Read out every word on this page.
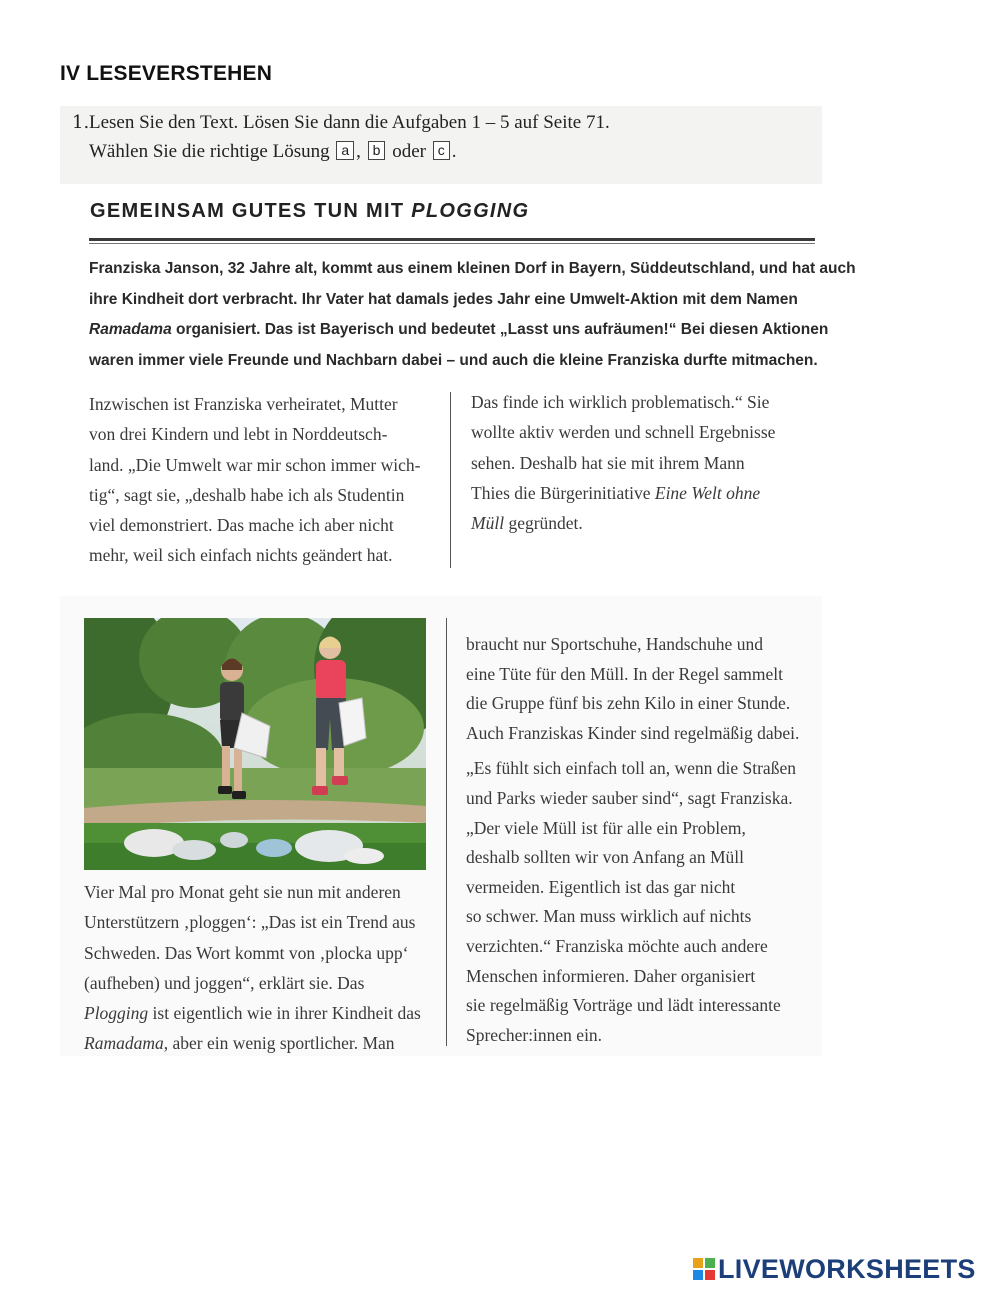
IV LESEVERSTEHEN
1. Lesen Sie den Text. Lösen Sie dann die Aufgaben 1 – 5 auf Seite 71.
Wählen Sie die richtige Lösung a , b oder c .
GEMEINSAM GUTES TUN MIT PLOGGING
Franziska Janson, 32 Jahre alt, kommt aus einem kleinen Dorf in Bayern, Süddeutschland, und hat auch
ihre Kindheit dort verbracht. Ihr Vater hat damals jedes Jahr eine Umwelt-Aktion mit dem Namen
Ramadama organisiert. Das ist Bayerisch und bedeutet „Lasst uns aufräumen!“ Bei diesen Aktionen
waren immer viele Freunde und Nachbarn dabei – und auch die kleine Franziska durfte mitmachen.
Inzwischen ist Franziska verheiratet, Mutter
von drei Kindern und lebt in Norddeutsch-
land. „Die Umwelt war mir schon immer wich-
tig“, sagt sie, „deshalb habe ich als Studentin
viel demonstriert. Das mache ich aber nicht
mehr, weil sich einfach nichts geändert hat.
Das finde ich wirklich problematisch.“ Sie
wollte aktiv werden und schnell Ergebnisse
sehen. Deshalb hat sie mit ihrem Mann
Thies die Bürgerinitiative Eine Welt ohne
Müll gegründet.
Vier Mal pro Monat geht sie nun mit anderen
Unterstützern ‚ploggen‘: „Das ist ein Trend aus
Schweden. Das Wort kommt von ‚plocka upp‘
(aufheben) und joggen“, erklärt sie. Das
Plogging ist eigentlich wie in ihrer Kindheit das
Ramadama, aber ein wenig sportlicher. Man
braucht nur Sportschuhe, Handschuhe und
eine Tüte für den Müll. In der Regel sammelt
die Gruppe fünf bis zehn Kilo in einer Stunde.
Auch Franziskas Kinder sind regelmäßig dabei.
„Es fühlt sich einfach toll an, wenn die Straßen
und Parks wieder sauber sind“, sagt Franziska.
„Der viele Müll ist für alle ein Problem,
deshalb sollten wir von Anfang an Müll
vermeiden. Eigentlich ist das gar nicht
so schwer. Man muss wirklich auf nichts
verzichten.“ Franziska möchte auch andere
Menschen informieren. Daher organisiert
sie regelmäßig Vorträge und lädt interessante
Sprecher:innen ein.
LIVEWORKSHEETS
